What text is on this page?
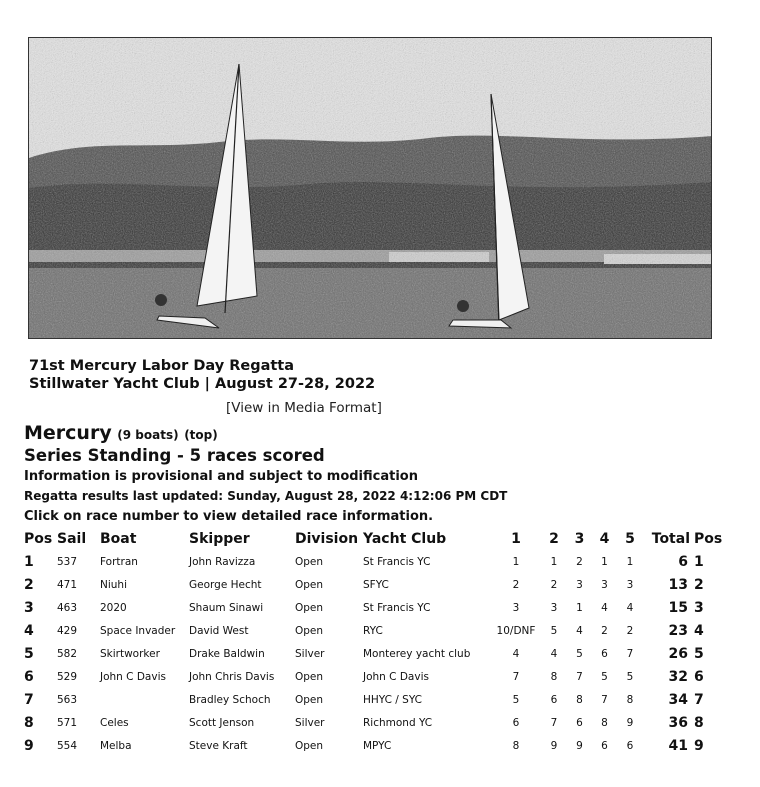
71st Mercury Labor Day Regatta
Stillwater Yacht Club | August 27-28, 2022
[View in Media Format]
Mercury (9 boats) (top)
Series Standing - 5 races scored
Information is provisional and subject to modification
Regatta results last updated: Sunday, August 28, 2022 4:12:06 PM CDT
Click on race number to view detailed race information.
Pos	Sail	Boat	Skipper	Division	Yacht Club	1	2	3	4	5	Total	Pos
1	537	Fortran	John Ravizza	Open	St Francis YC	1	1	2	1	1	6	1
2	471	Niuhi	George Hecht	Open	SFYC	2	2	3	3	3	13	2
3	463	2020	Shaum Sinawi	Open	St Francis YC	3	3	1	4	4	15	3
4	429	Space Invader	David West	Open	RYC	10/DNF	5	4	2	2	23	4
5	582	Skirtworker	Drake Baldwin	Silver	Monterey yacht club	4	4	5	6	7	26	5
6	529	John C Davis	John Chris Davis	Open	John C Davis	7	8	7	5	5	32	6
7	563		Bradley Schoch	Open	HHYC / SYC	5	6	8	7	8	34	7
8	571	Celes	Scott Jenson	Silver	Richmond YC	6	7	6	8	9	36	8
9	554	Melba	Steve Kraft	Open	MPYC	8	9	9	6	6	41	9
